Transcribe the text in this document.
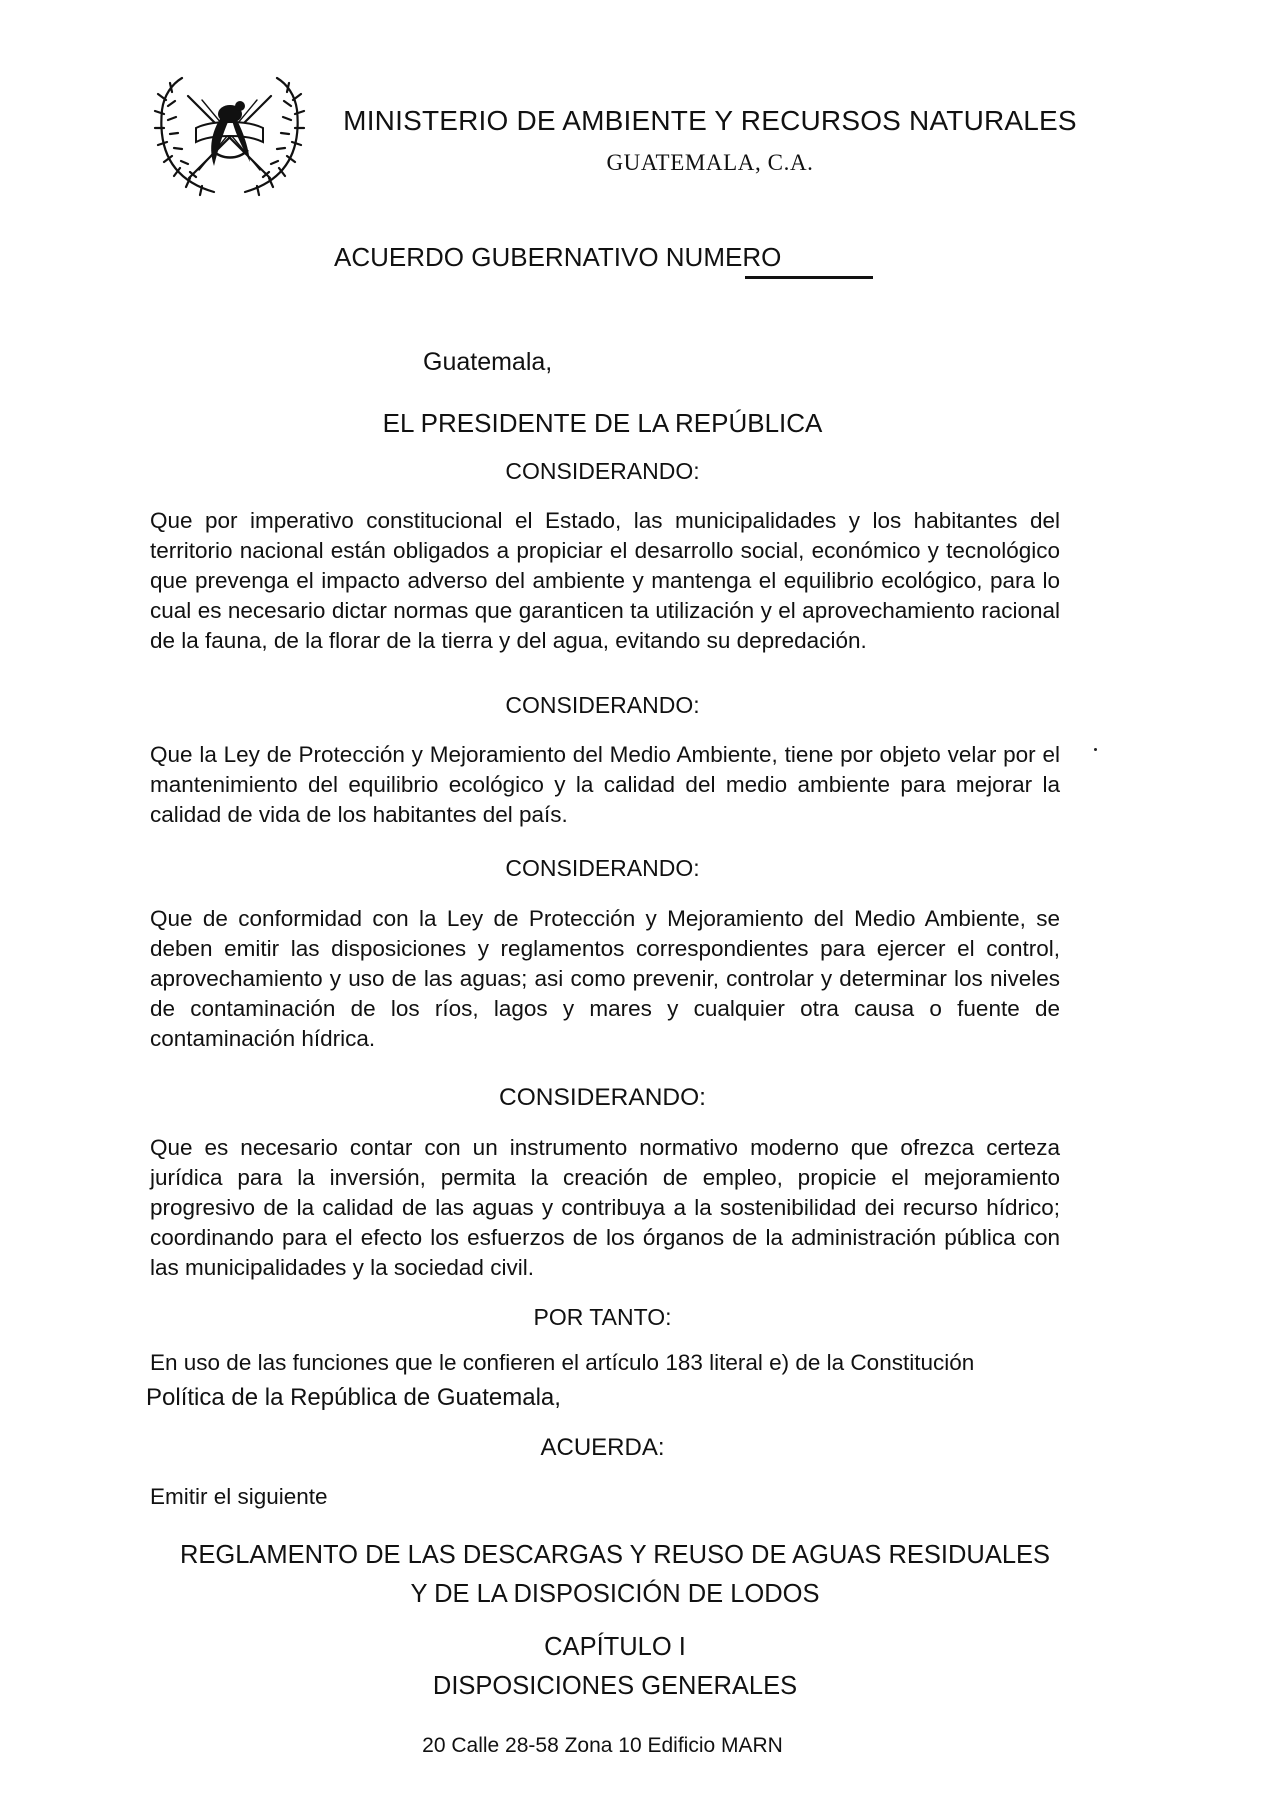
MINISTERIO DE AMBIENTE Y RECURSOS NATURALES
GUATEMALA, C.A.
ACUERDO GUBERNATIVO NUMERO
Guatemala,
EL PRESIDENTE DE LA REPÚBLICA
CONSIDERANDO:
Que por imperativo constitucional el Estado, las municipalidades y los habitantes del territorio nacional están obligados a propiciar el desarrollo social, económico y tecnológico que prevenga el impacto adverso del ambiente y mantenga el equilibrio ecológico, para lo cual es necesario dictar normas que garanticen ta utilización y el aprovechamiento racional de la fauna, de la florar de la tierra y del agua, evitando su depredación.
CONSIDERANDO:
Que la Ley de Protección y Mejoramiento del Medio Ambiente, tiene por objeto velar por el mantenimiento del equilibrio ecológico y la calidad del medio ambiente para mejorar la calidad de vida de los habitantes del país.
CONSIDERANDO:
Que de conformidad con la Ley de Protección y Mejoramiento del Medio Ambiente, se deben emitir las disposiciones y reglamentos correspondientes para ejercer el control, aprovechamiento y uso de las aguas; asi como prevenir, controlar y determinar los niveles de contaminación de los ríos, lagos y mares y cualquier otra causa o fuente de contaminación hídrica.
CONSIDERANDO:
Que es necesario contar con un instrumento normativo moderno que ofrezca certeza jurídica para la inversión, permita la creación de empleo, propicie el mejoramiento progresivo de la calidad de las aguas y contribuya a la sostenibilidad dei recurso hídrico; coordinando para el efecto los esfuerzos de los órganos de la administración pública con las municipalidades y la sociedad civil.
POR TANTO:
En uso de las funciones que le confieren el artículo 183 literal e) de la Constitución
Política de la República de Guatemala,
ACUERDA:
Emitir el siguiente
REGLAMENTO DE LAS DESCARGAS Y REUSO DE AGUAS RESIDUALES
Y DE LA DISPOSICIÓN DE LODOS
CAPÍTULO I
DISPOSICIONES GENERALES
20 Calle 28-58 Zona 10 Edificio MARN
